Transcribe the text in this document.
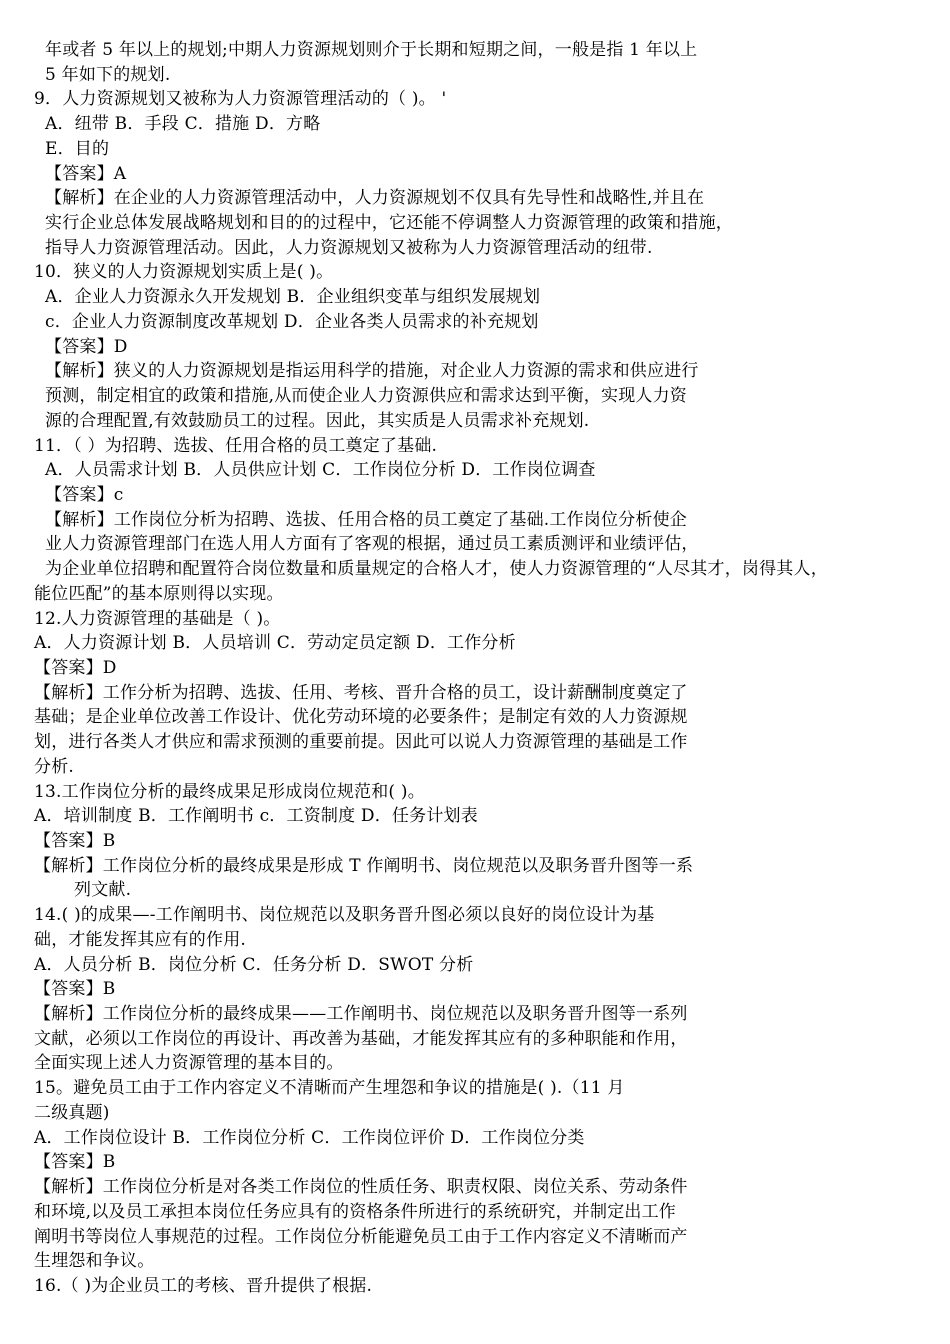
年或者 5 年以上的规划;中期人力资源规划则介于长期和短期之间，一般是指 1 年以上
5 年如下的规划.
9．人力资源规划又被称为人力资源管理活动的（ )。 '
A．纽带 B．手段 C．措施 D．方略
E．目的
【答案】A
【解析】在企业的人力资源管理活动中，人力资源规划不仅具有先导性和战略性,并且在
实行企业总体发展战略规划和目的的过程中，它还能不停调整人力资源管理的政策和措施，
指导人力资源管理活动。因此，人力资源规划又被称为人力资源管理活动的纽带.
10．狭义的人力资源规划实质上是( )。
A．企业人力资源永久开发规划 B．企业组织变革与组织发展规划
c．企业人力资源制度改革规划 D．企业各类人员需求的补充规划
【答案】D
【解析】狭义的人力资源规划是指运用科学的措施，对企业人力资源的需求和供应进行
预测，制定相宜的政策和措施,从而使企业人力资源供应和需求达到平衡，实现人力资
源的合理配置,有效鼓励员工的过程。因此，其实质是人员需求补充规划.
11．（ ）为招聘、选拔、任用合格的员工奠定了基础.
A．人员需求计划 B．人员供应计划 C．工作岗位分析 D．工作岗位调查
【答案】c
【解析】工作岗位分析为招聘、选拔、任用合格的员工奠定了基础.工作岗位分析使企
业人力资源管理部门在选人用人方面有了客观的根据，通过员工素质测评和业绩评估，
为企业单位招聘和配置符合岗位数量和质量规定的合格人才，使人力资源管理的“人尽其才，岗得其人，
能位匹配”的基本原则得以实现。
12.人力资源管理的基础是（ )。
A．人力资源计划 B．人员培训 C．劳动定员定额 D．工作分析
【答案】D
【解析】工作分析为招聘、选拔、任用、考核、晋升合格的员工，设计薪酬制度奠定了
基础；是企业单位改善工作设计、优化劳动环境的必要条件；是制定有效的人力资源规
划，进行各类人才供应和需求预测的重要前提。因此可以说人力资源管理的基础是工作
分析.
13.工作岗位分析的最终成果足形成岗位规范和( )。
A．培训制度 B．工作阐明书 c．工资制度 D．任务计划表
【答案】B
【解析】工作岗位分析的最终成果是形成 T 作阐明书、岗位规范以及职务晋升图等一系
列文献.
14.( )的成果—-工作阐明书、岗位规范以及职务晋升图必须以良好的岗位设计为基
础，才能发挥其应有的作用.
A．人员分析 B．岗位分析 C．任务分析 D．SWOT 分析
【答案】B
【解析】工作岗位分析的最终成果——工作阐明书、岗位规范以及职务晋升图等一系列
文献，必须以工作岗位的再设计、再改善为基础，才能发挥其应有的多种职能和作用，
全面实现上述人力资源管理的基本目的。
15。避免员工由于工作内容定义不清晰而产生埋怨和争议的措施是( ).（11 月
二级真题)
A．工作岗位设计 B．工作岗位分析 C．工作岗位评价 D．工作岗位分类
【答案】B
【解析】工作岗位分析是对各类工作岗位的性质任务、职责权限、岗位关系、劳动条件
和环境,以及员工承担本岗位任务应具有的资格条件所进行的系统研究，并制定出工作
阐明书等岗位人事规范的过程。工作岗位分析能避免员工由于工作内容定义不清晰而产
生埋怨和争议。
16.（ )为企业员工的考核、晋升提供了根据.
